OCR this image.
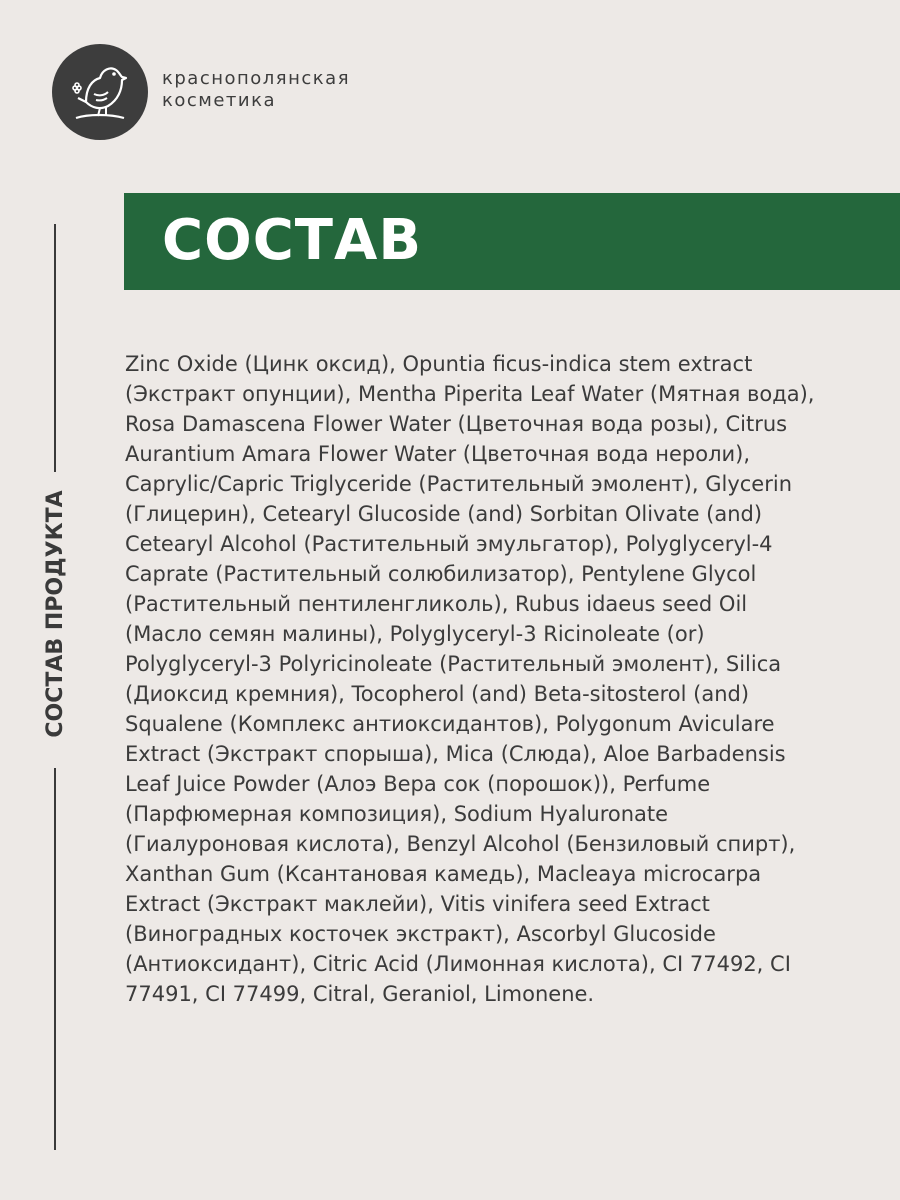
краснополянская
косметика
СОСТАВ
СОСТАВ ПРОДУКТА

Zinc Oxide (Цинк оксид), Opuntia ficus-indica stem extract (Экстракт опунции), Mentha Piperita Leaf Water (Мятная вода), Rosa Damascena Flower Water (Цветочная вода розы), Citrus Aurantium Amara Flower Water (Цветочная вода нероли), Caprylic/Capric Triglyceride (Растительный эмолент), Glycerin (Глицерин), Cetearyl Glucoside (and) Sorbitan Olivate (and) Cetearyl Alcohol (Растительный эмульгатор), Polyglyceryl-4 Caprate (Растительный солюбилизатор), Pentylene Glycol (Растительный пентиленгликоль), Rubus idaeus seed Oil (Масло семян малины), Polyglyceryl-3 Ricinoleate (or) Polyglyceryl-3 Polyricinoleate (Растительный эмолент), Silica (Диоксид кремния), Tocopherol (and) Beta-sitosterol (and) Squalene (Комплекс антиоксидантов), Polygonum Aviculare Extract (Экстракт спорыша), Mica (Слюда), Aloe Barbadensis Leaf Juice Powder (Алоэ Вера сок (порошок)), Perfume (Парфюмерная композиция), Sodium Hyaluronate (Гиалуроновая кислота), Benzyl Alcohol (Бензиловый спирт), Xanthan Gum (Ксантановая камедь), Macleaya microcarpa Extract (Экстракт маклейи), Vitis vinifera seed Extract (Виноградных косточек экстракт), Ascorbyl Glucoside (Антиоксидант), Citric Acid (Лимонная кислота), CI 77492, CI 77491, CI 77499, Citral, Geraniol, Limonene.
